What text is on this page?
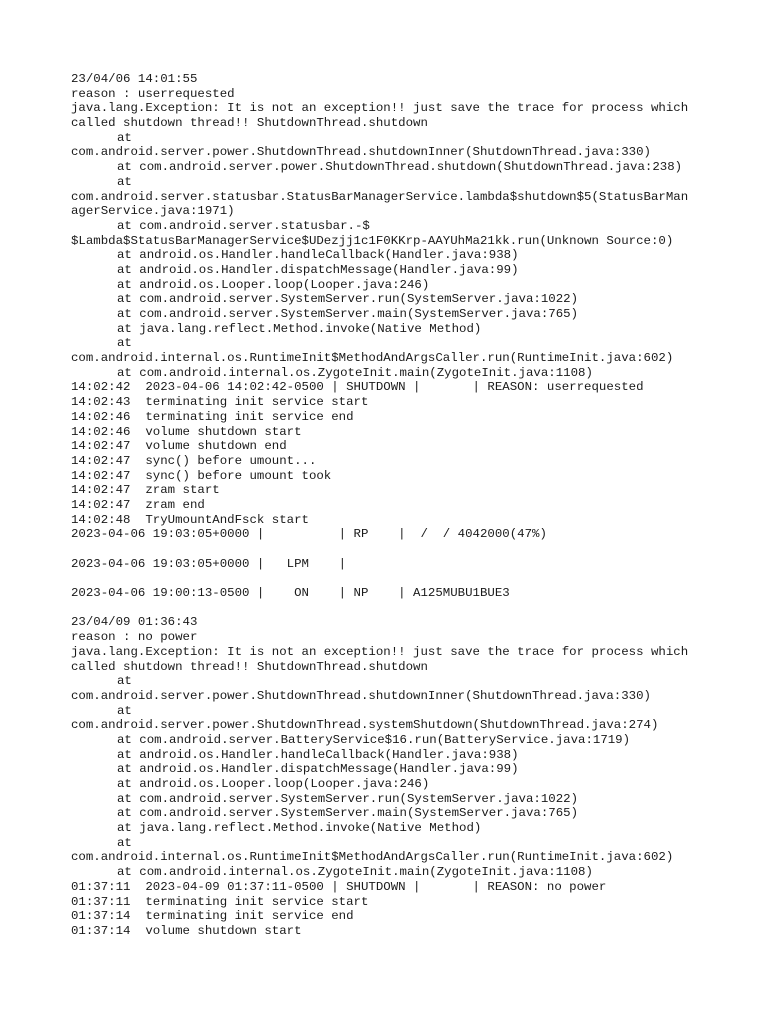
23/04/06 14:01:55
reason : userrequested
java.lang.Exception: It is not an exception!! just save the trace for process which
called shutdown thread!! ShutdownThread.shutdown
at
com.android.server.power.ShutdownThread.shutdownInner(ShutdownThread.java:330)
at com.android.server.power.ShutdownThread.shutdown(ShutdownThread.java:238)
at
com.android.server.statusbar.StatusBarManagerService.lambda$shutdown$5(StatusBarMan
agerService.java:1971)
at com.android.server.statusbar.-$
$Lambda$StatusBarManagerService$UDezjj1c1F0KKrp-AAYUhMa21kk.run(Unknown Source:0)
at android.os.Handler.handleCallback(Handler.java:938)
at android.os.Handler.dispatchMessage(Handler.java:99)
at android.os.Looper.loop(Looper.java:246)
at com.android.server.SystemServer.run(SystemServer.java:1022)
at com.android.server.SystemServer.main(SystemServer.java:765)
at java.lang.reflect.Method.invoke(Native Method)
at
com.android.internal.os.RuntimeInit$MethodAndArgsCaller.run(RuntimeInit.java:602)
at com.android.internal.os.ZygoteInit.main(ZygoteInit.java:1108)
14:02:42  2023-04-06 14:02:42-0500 | SHUTDOWN |       | REASON: userrequested
14:02:43  terminating init service start
14:02:46  terminating init service end
14:02:46  volume shutdown start
14:02:47  volume shutdown end
14:02:47  sync() before umount...
14:02:47  sync() before umount took
14:02:47  zram start
14:02:47  zram end
14:02:48  TryUmountAndFsck start
2023-04-06 19:03:05+0000 |          | RP    |  /  / 4042000(47%)
2023-04-06 19:03:05+0000 |   LPM    |
2023-04-06 19:00:13-0500 |    ON    | NP    | A125MUBU1BUE3
23/04/09 01:36:43
reason : no power
java.lang.Exception: It is not an exception!! just save the trace for process which
called shutdown thread!! ShutdownThread.shutdown
at
com.android.server.power.ShutdownThread.shutdownInner(ShutdownThread.java:330)
at
com.android.server.power.ShutdownThread.systemShutdown(ShutdownThread.java:274)
at com.android.server.BatteryService$16.run(BatteryService.java:1719)
at android.os.Handler.handleCallback(Handler.java:938)
at android.os.Handler.dispatchMessage(Handler.java:99)
at android.os.Looper.loop(Looper.java:246)
at com.android.server.SystemServer.run(SystemServer.java:1022)
at com.android.server.SystemServer.main(SystemServer.java:765)
at java.lang.reflect.Method.invoke(Native Method)
at
com.android.internal.os.RuntimeInit$MethodAndArgsCaller.run(RuntimeInit.java:602)
at com.android.internal.os.ZygoteInit.main(ZygoteInit.java:1108)
01:37:11  2023-04-09 01:37:11-0500 | SHUTDOWN |       | REASON: no power
01:37:11  terminating init service start
01:37:14  terminating init service end
01:37:14  volume shutdown start
